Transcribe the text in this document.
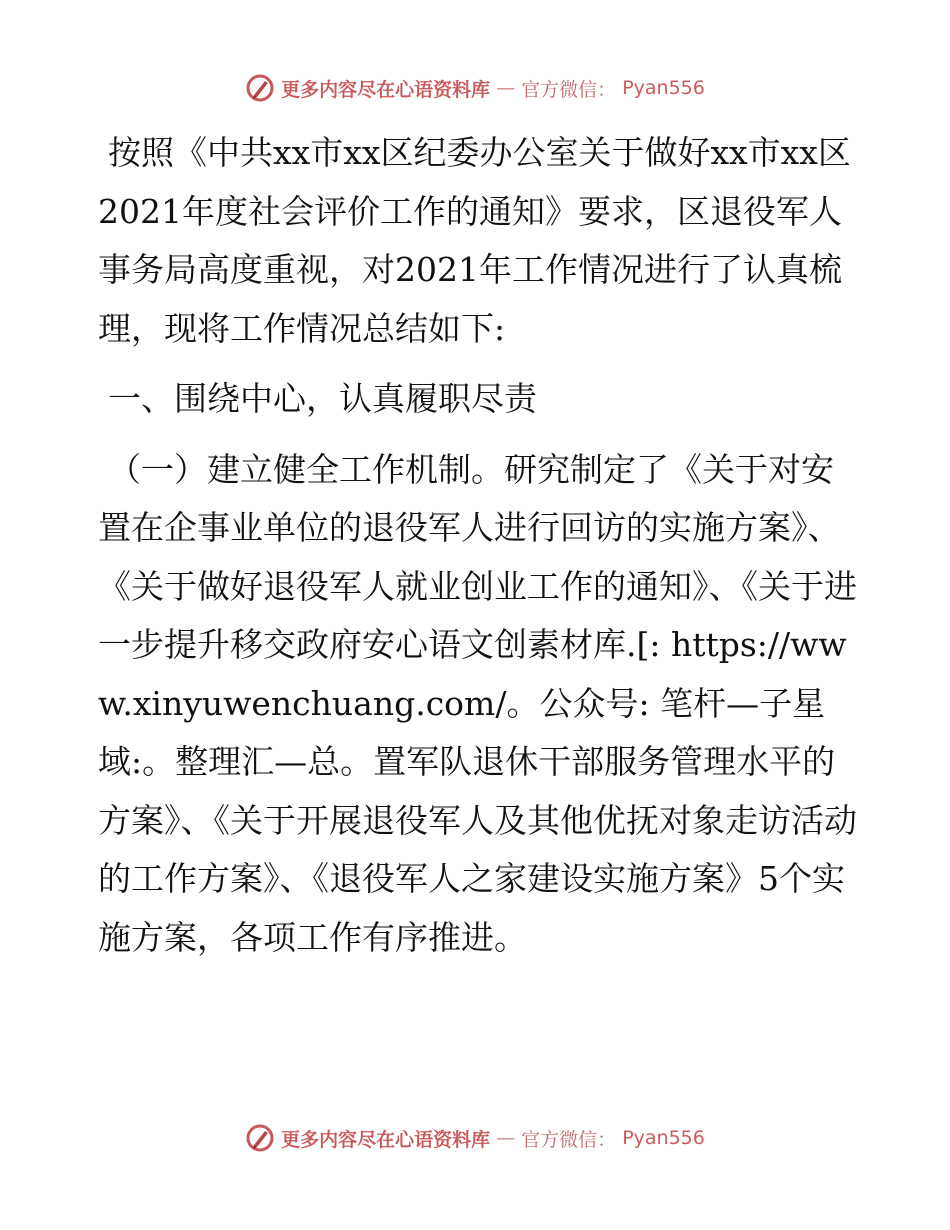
更多内容尽在心语资料库 — 官方微信： Pyan556

按照《中共xx市xx区纪委办公室关于做好xx市xx区2021年度社会评价工作的通知》要求，区退役军人事务局高度重视，对2021年工作情况进行了认真梳理，现将工作情况总结如下:

一、围绕中心，认真履职尽责

（一）建立健全工作机制。研究制定了《关于对安置在企事业单位的退役军人进行回访的实施方案》、《关于做好退役军人就业创业工作的通知》、《关于进一步提升移交政府安心语文创素材库.[: https://www.xinyuwenchuang.com/。公众号: 笔杆—子星域:。整理汇—总。置军队退休干部服务管理水平的方案》、《关于开展退役军人及其他优抚对象走访活动的工作方案》、《退役军人之家建设实施方案》5个实施方案，各项工作有序推进。

更多内容尽在心语资料库 — 官方微信： Pyan556
